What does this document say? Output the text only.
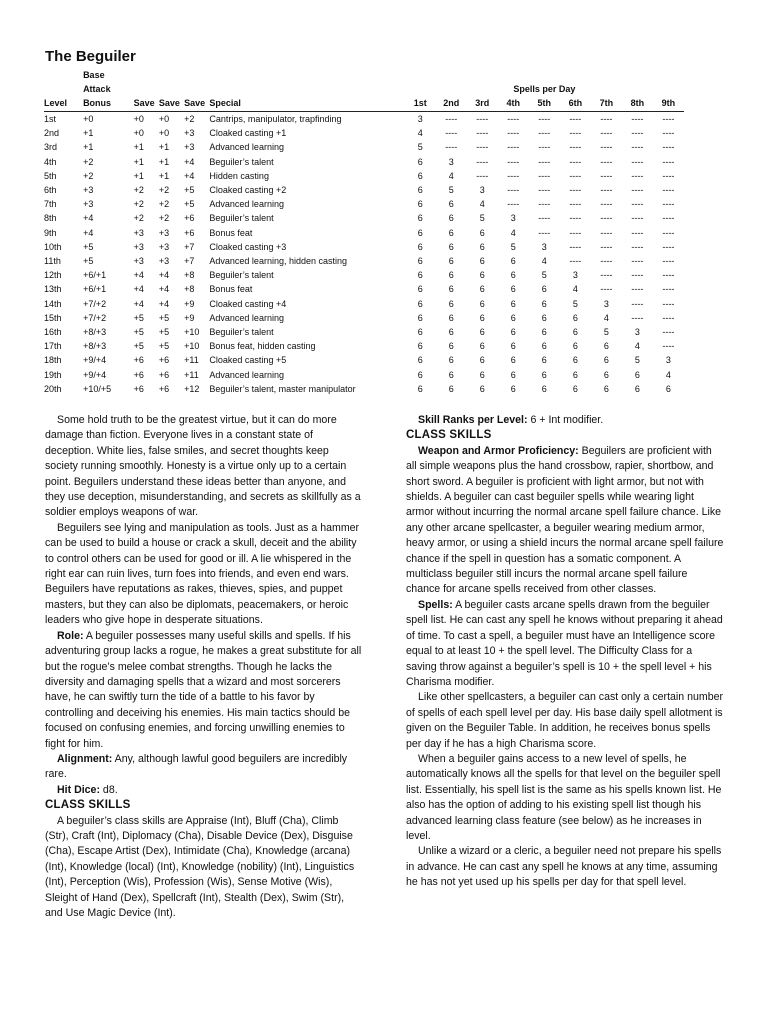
The Beguiler
	Base													
	Attack					Spells per Day								
Level	Bonus	Save	Save	Save	Special	1st	2nd	3rd	4th	5th	6th	7th	8th	9th
1st	+0	+0	+0	+2	Cantrips, manipulator, trapfinding	3	----	----	----	----	----	----	----	----
2nd	+1	+0	+0	+3	Cloaked casting +1	4	----	----	----	----	----	----	----	----
3rd	+1	+1	+1	+3	Advanced learning	5	----	----	----	----	----	----	----	----
4th	+2	+1	+1	+4	Beguiler’s talent	6	3	----	----	----	----	----	----	----
5th	+2	+1	+1	+4	Hidden casting	6	4	----	----	----	----	----	----	----
6th	+3	+2	+2	+5	Cloaked casting +2	6	5	3	----	----	----	----	----	----
7th	+3	+2	+2	+5	Advanced learning	6	6	4	----	----	----	----	----	----
8th	+4	+2	+2	+6	Beguiler’s talent	6	6	5	3	----	----	----	----	----
9th	+4	+3	+3	+6	Bonus feat	6	6	6	4	----	----	----	----	----
10th	+5	+3	+3	+7	Cloaked casting +3	6	6	6	5	3	----	----	----	----
11th	+5	+3	+3	+7	Advanced learning, hidden casting	6	6	6	6	4	----	----	----	----
12th	+6/+1	+4	+4	+8	Beguiler’s talent	6	6	6	6	5	3	----	----	----
13th	+6/+1	+4	+4	+8	Bonus feat	6	6	6	6	6	4	----	----	----
14th	+7/+2	+4	+4	+9	Cloaked casting +4	6	6	6	6	6	5	3	----	----
15th	+7/+2	+5	+5	+9	Advanced learning	6	6	6	6	6	6	4	----	----
16th	+8/+3	+5	+5	+10	Beguiler’s talent	6	6	6	6	6	6	5	3	----
17th	+8/+3	+5	+5	+10	Bonus feat, hidden casting	6	6	6	6	6	6	6	4	----
18th	+9/+4	+6	+6	+11	Cloaked casting +5	6	6	6	6	6	6	6	5	3
19th	+9/+4	+6	+6	+11	Advanced learning	6	6	6	6	6	6	6	6	4
20th	+10/+5	+6	+6	+12	Beguiler’s talent, master manipulator	6	6	6	6	6	6	6	6	6

Some hold truth to be the greatest virtue, but it can do more damage than fiction. Everyone lives in a constant state of deception. White lies, false smiles, and secret thoughts keep society running smoothly. Honesty is a virtue only up to a certain point. Beguilers understand these ideas better than anyone, and they use deception, misunderstanding, and secrets as skillfully as a soldier employs weapons of war.

Beguilers see lying and manipulation as tools. Just as a hammer can be used to build a house or crack a skull, deceit and the ability to control others can be used for good or ill. A lie whispered in the right ear can ruin lives, turn foes into friends, and even end wars. Beguilers have reputations as rakes, thieves, spies, and puppet masters, but they can also be diplomats, peacemakers, or heroic leaders who give hope in desperate situations.

Role: A beguiler possesses many useful skills and spells. If his adventuring group lacks a rogue, he makes a great substitute for all but the rogue’s melee combat strengths. Though he lacks the diversity and damaging spells that a wizard and most sorcerers have, he can swiftly turn the tide of a battle to his favor by controlling and deceiving his enemies. His main tactics should be focused on confusing enemies, and forcing unwilling enemies to fight for him.

Alignment: Any, although lawful good beguilers are incredibly rare.

Hit Dice: d8.

CLASS SKILLS

A beguiler’s class skills are Appraise (Int), Bluff (Cha), Climb (Str), Craft (Int), Diplomacy (Cha), Disable Device (Dex), Disguise (Cha), Escape Artist (Dex), Intimidate (Cha), Knowledge (arcana) (Int), Knowledge (local) (Int), Knowledge (nobility) (Int), Linguistics (Int), Perception (Wis), Profession (Wis), Sense Motive (Wis), Sleight of Hand (Dex), Spellcraft (Int), Stealth (Dex), Swim (Str), and Use Magic Device (Int).

Skill Ranks per Level: 6 + Int modifier.

CLASS SKILLS

Weapon and Armor Proficiency: Beguilers are proficient with all simple weapons plus the hand crossbow, rapier, shortbow, and short sword. A beguiler is proficient with light armor, but not with shields. A beguiler can cast beguiler spells while wearing light armor without incurring the normal arcane spell failure chance. Like any other arcane spellcaster, a beguiler wearing medium armor, heavy armor, or using a shield incurs the normal arcane spell failure chance if the spell in question has a somatic component. A multiclass beguiler still incurs the normal arcane spell failure chance for arcane spells received from other classes.

Spells: A beguiler casts arcane spells drawn from the beguiler spell list. He can cast any spell he knows without preparing it ahead of time. To cast a spell, a beguiler must have an Intelligence score equal to at least 10 + the spell level. The Difficulty Class for a saving throw against a beguiler’s spell is 10 + the spell level + his Charisma modifier.

Like other spellcasters, a beguiler can cast only a certain number of spells of each spell level per day. His base daily spell allotment is given on the Beguiler Table. In addition, he receives bonus spells per day if he has a high Charisma score.

When a beguiler gains access to a new level of spells, he automatically knows all the spells for that level on the beguiler spell list. Essentially, his spell list is the same as his spells known list. He also has the option of adding to his existing spell list though his advanced learning class feature (see below) as he increases in level.

Unlike a wizard or a cleric, a beguiler need not prepare his spells in advance. He can cast any spell he knows at any time, assuming he has not yet used up his spells per day for that spell level.
